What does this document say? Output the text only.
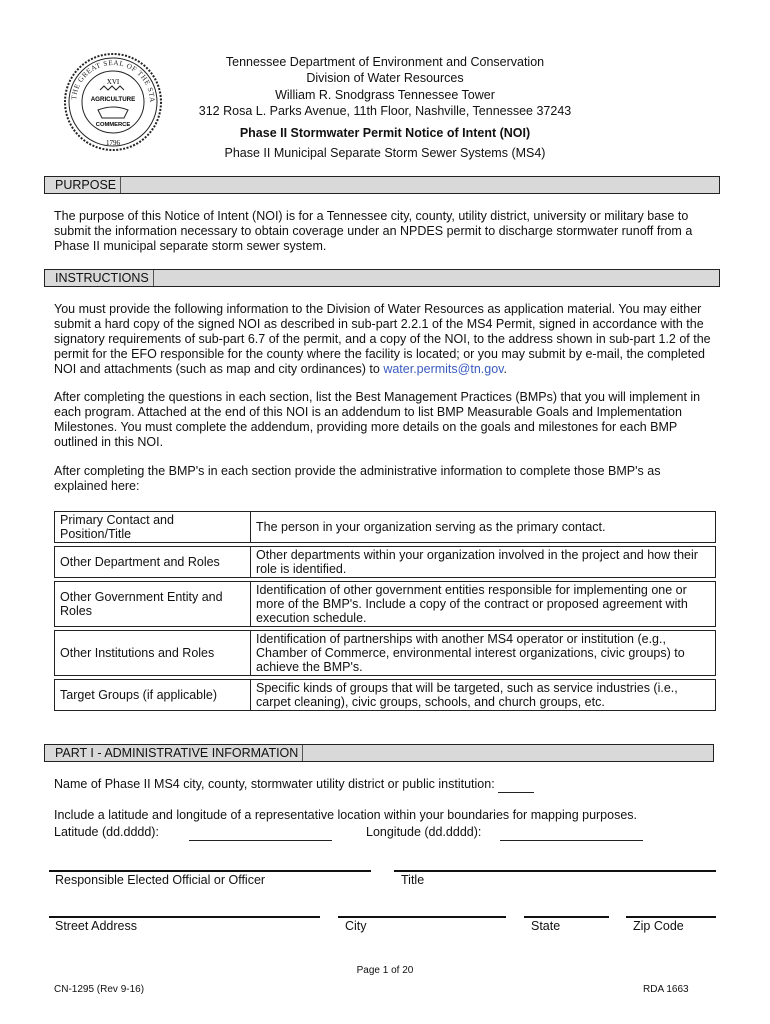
THE GREAT SEAL OF THE STA
XVI
AGRICULTURE
COMMERCE
1796
Tennessee Department of Environment and Conservation
Division of Water Resources
William R. Snodgrass Tennessee Tower
312 Rosa L. Parks Avenue, 11th Floor, Nashville, Tennessee 37243
Phase II Stormwater Permit Notice of Intent (NOI)
Phase II Municipal Separate Storm Sewer Systems (MS4)
PURPOSE
The purpose of this Notice of Intent (NOI) is for a Tennessee city, county, utility district, university or military base to submit the information necessary to obtain coverage under an NPDES permit to discharge stormwater runoff from a Phase II municipal separate storm sewer system.
INSTRUCTIONS
You must provide the following information to the Division of Water Resources as application material. You may either submit a hard copy of the signed NOI as described in sub-part 2.2.1 of the MS4 Permit, signed in accordance with the signatory requirements of sub-part 6.7 of the permit, and a copy of the NOI, to the address shown in sub-part 1.2 of the permit for the EFO responsible for the county where the facility is located; or you may submit by e-mail, the completed NOI and attachments (such as map and city ordinances) to water.permits@tn.gov.
After completing the questions in each section, list the Best Management Practices (BMPs) that you will implement in each program. Attached at the end of this NOI is an addendum to list BMP Measurable Goals and Implementation Milestones. You must complete the addendum, providing more details on the goals and milestones for each BMP outlined in this NOI.
After completing the BMP's in each section provide the administrative information to complete those BMP's as explained here:
Primary Contact and Position/Title	The person in your organization serving as the primary contact.
Other Department and Roles	Other departments within your organization involved in the project and how their role is identified.
Other Government Entity and Roles	Identification of other government entities responsible for implementing one or more of the BMP's. Include a copy of the contract or proposed agreement with execution schedule.
Other Institutions and Roles	Identification of partnerships with another MS4 operator or institution (e.g., Chamber of Commerce, environmental interest organizations, civic groups) to achieve the BMP's.
Target Groups (if applicable)	Specific kinds of groups that will be targeted, such as service industries (i.e., carpet cleaning), civic groups, schools, and church groups, etc.
PART I - ADMINISTRATIVE INFORMATION
Name of Phase II MS4 city, county, stormwater utility district or public institution:
Include a latitude and longitude of a representative location within your boundaries for mapping purposes.
Latitude (dd.dddd):	Longitude (dd.dddd):
Responsible Elected Official or Officer	Title
Street Address	City	State	Zip Code
Page 1 of 20
CN-1295 (Rev 9-16)	RDA 1663
